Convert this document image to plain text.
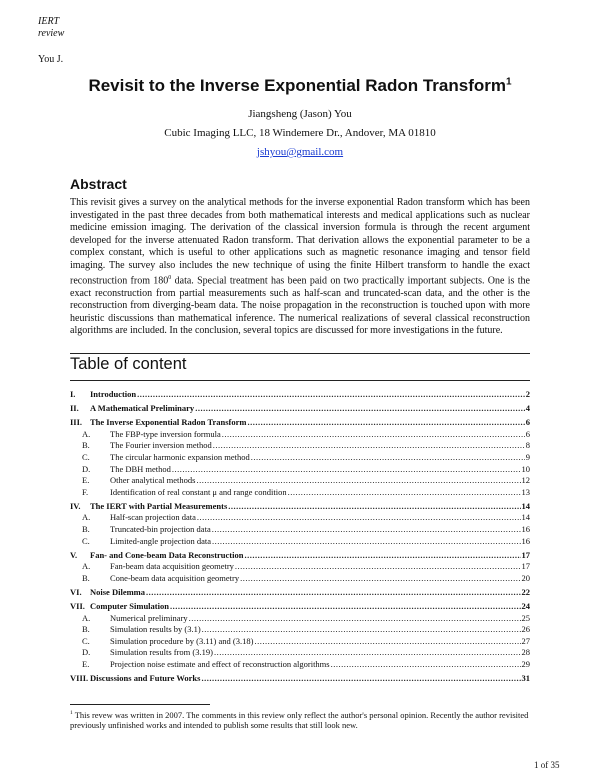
IERT
review
You J.
Revisit to the Inverse Exponential Radon Transform$^1$
Jiangsheng (Jason) You
Cubic Imaging LLC, 18 Windemere Dr., Andover, MA 01810
jshyou@gmail.com
Abstract
This revisit gives a survey on the analytical methods for the inverse exponential Radon transform which has been investigated in the past three decades from both mathematical interests and medical applications such as nuclear medicine emission imaging. The derivation of the classical inversion formula is through the recent argument developed for the inverse attenuated Radon transform. That derivation allows the exponential parameter to be a complex constant, which is useful to other applications such as magnetic resonance imaging and tensor field imaging. The survey also includes the new technique of using the finite Hilbert transform to handle the exact reconstruction from $180^0$ data. Special treatment has been paid on two practically important subjects. One is the exact reconstruction from partial measurements such as half-scan and truncated-scan data, and the other is the reconstruction from diverging-beam data. The noise propagation in the reconstruction is touched upon with more heuristic discussions than mathematical inference. The numerical realizations of several classical reconstruction algorithms are included. In the conclusion, several topics are discussed for more investigations in the future.
Table of content
I.	Introduction .....	2
II.	A Mathematical Preliminary .....	4
III. The Inverse Exponential Radon Transform .....	6
A.	The FBP-type inversion formula .....	6
B.	The Fourier inversion method .....	8
C.	The circular harmonic expansion method .....	9
D.	The DBH method .....	10
E.	Other analytical methods .....	12
F.	Identification of real constant μ and range condition .....	13
IV.	The IERT with Partial Measurements .....	14
A.	Half-scan projection data .....	14
B.	Truncated-bin projection data .....	16
C.	Limited-angle projection data .....	16
V.	Fan- and Cone-beam Data Reconstruction .....	17
A.	Fan-beam data acquisition geometry .....	17
B.	Cone-beam data acquisition geometry .....	20
VI. Noise Dilemma .....	22
VII. Computer Simulation .....	24
A.	Numerical preliminary .....	25
B.	Simulation results by (3.1) .....	26
C.	Simulation procedure by (3.11) and (3.18) .....	27
D.	Simulation results from (3.19) .....	28
E.	Projection noise estimate and effect of reconstruction algorithms .....	29
VIII. Discussions and Future Works .....	31
$^1$ This revew was written in 2007. The comments in this review only reflect the author's personal opinion. Recently the author revisited previously unfinished works and intended to publish some results that still look new.
1 of 35
